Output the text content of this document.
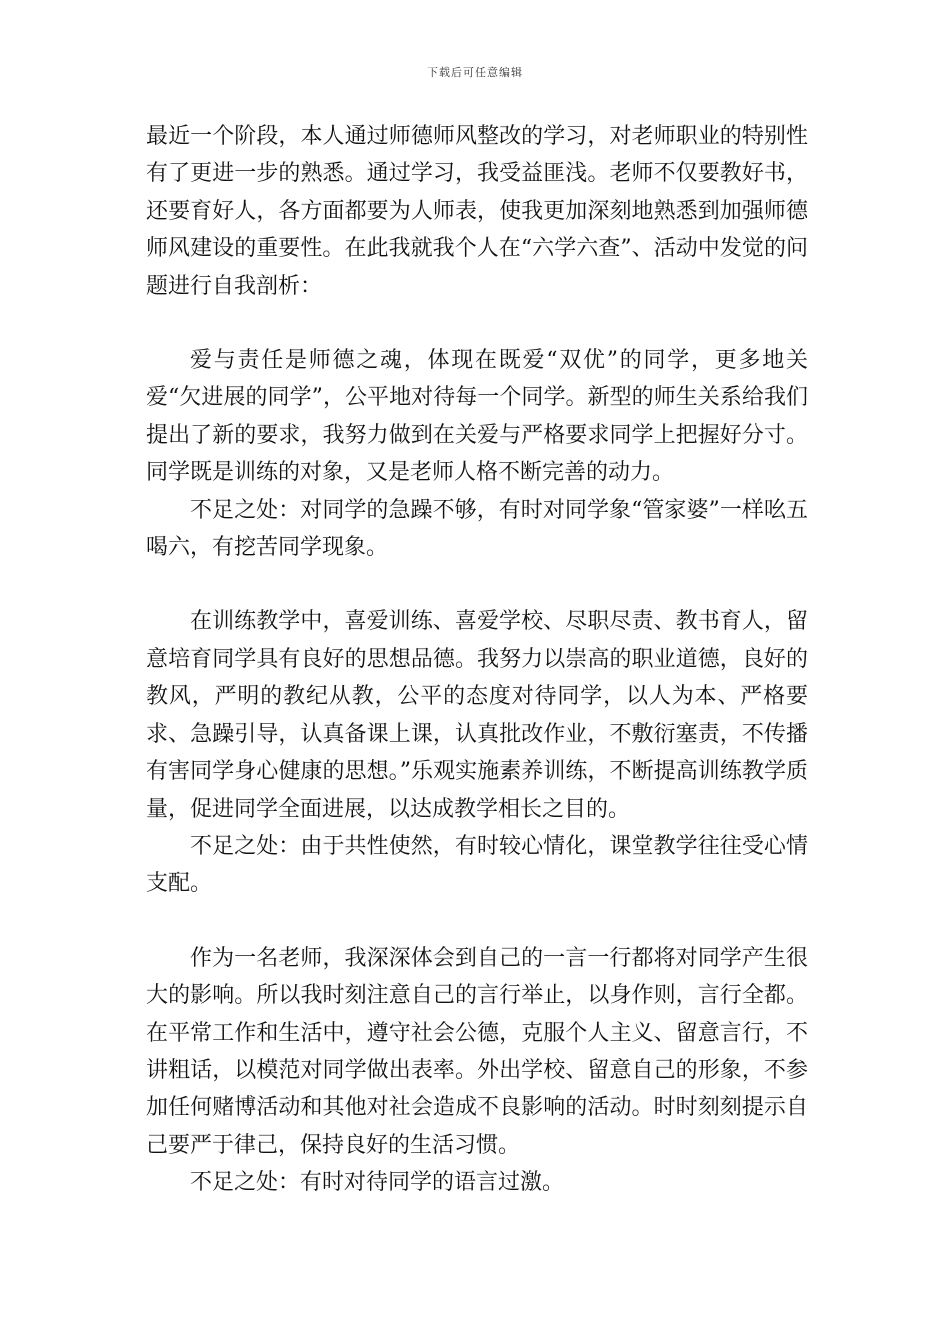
下载后可任意编辑

最近一个阶段，本人通过师德师风整改的学习，对老师职业的特别性有了更进一步的熟悉。通过学习，我受益匪浅。老师不仅要教好书，还要育好人，各方面都要为人师表，使我更加深刻地熟悉到加强师德师风建设的重要性。在此我就我个人在“六学六查”、活动中发觉的问题进行自我剖析：

爱与责任是师德之魂，体现在既爱“双优”的同学，更多地关爱“欠进展的同学”，公平地对待每一个同学。新型的师生关系给我们提出了新的要求，我努力做到在关爱与严格要求同学上把握好分寸。同学既是训练的对象，又是老师人格不断完善的动力。

不足之处：对同学的急躁不够，有时对同学象“管家婆”一样吆五喝六，有挖苦同学现象。

在训练教学中，喜爱训练、喜爱学校、尽职尽责、教书育人，留意培育同学具有良好的思想品德。我努力以崇高的职业道德，良好的教风，严明的教纪从教，公平的态度对待同学，以人为本、严格要求、急躁引导，认真备课上课，认真批改作业，不敷衍塞责，不传播有害同学身心健康的思想。”乐观实施素养训练，不断提高训练教学质量，促进同学全面进展，以达成教学相长之目的。

不足之处：由于共性使然，有时较心情化，课堂教学往往受心情支配。

作为一名老师，我深深体会到自己的一言一行都将对同学产生很大的影响。所以我时刻注意自己的言行举止，以身作则，言行全都。在平常工作和生活中，遵守社会公德，克服个人主义、留意言行，不讲粗话，以模范对同学做出表率。外出学校、留意自己的形象，不参加任何赌博活动和其他对社会造成不良影响的活动。时时刻刻提示自己要严于律己，保持良好的生活习惯。

不足之处：有时对待同学的语言过激。
